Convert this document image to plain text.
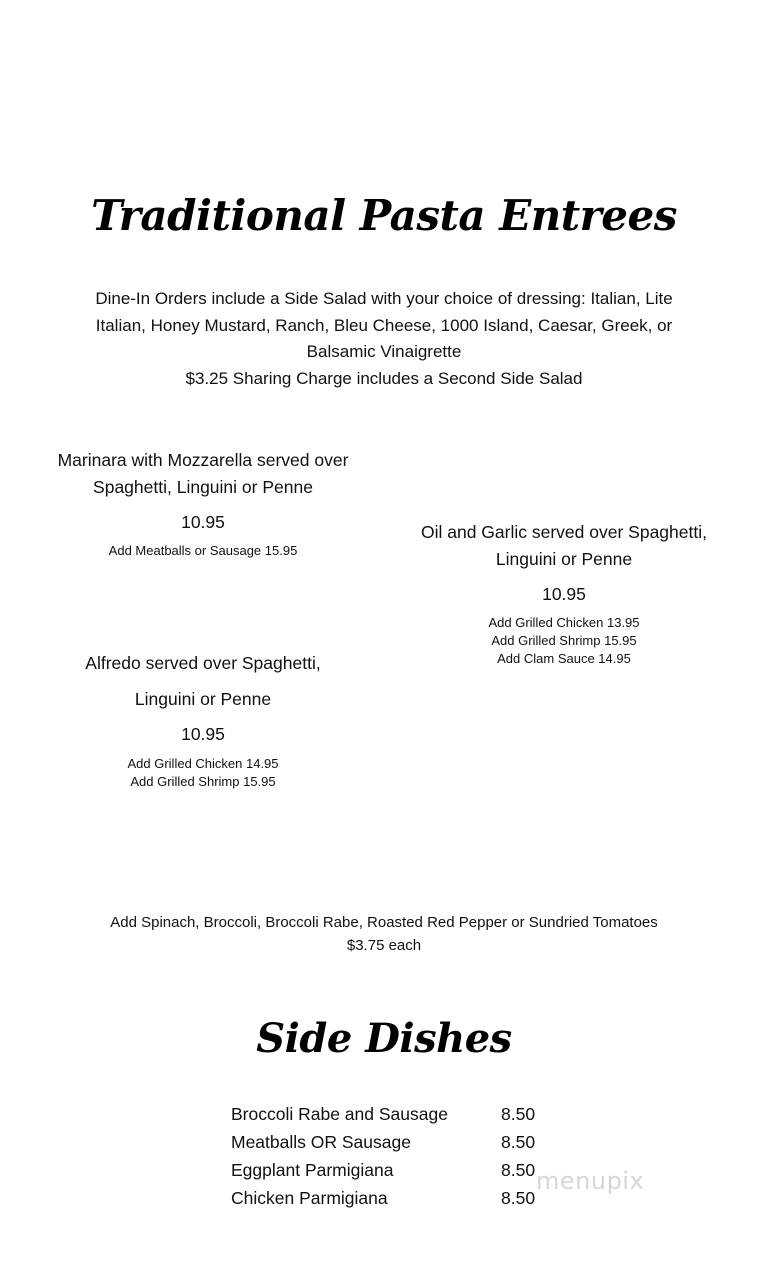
Traditional Pasta Entrees
Dine-In Orders include a Side Salad with your choice of dressing: Italian, Lite
Italian, Honey Mustard, Ranch, Bleu Cheese, 1000 Island, Caesar, Greek, or
Balsamic Vinaigrette
$3.25 Sharing Charge includes a Second Side Salad
Marinara with Mozzarella served over
Spaghetti, Linguini or Penne
10.95
Add Meatballs or Sausage 15.95
Oil and Garlic served over Spaghetti,
Linguini or Penne
10.95
Add Grilled Chicken 13.95
Add Grilled Shrimp 15.95
Add Clam Sauce 14.95
Alfredo served over Spaghetti,
Linguini or Penne
10.95
Add Grilled Chicken 14.95
Add Grilled Shrimp 15.95
Add Spinach, Broccoli, Broccoli Rabe, Roasted Red Pepper or Sundried Tomatoes
$3.75 each
Side Dishes
Broccoli Rabe and Sausage	8.50
Meatballs OR Sausage	8.50
Eggplant Parmigiana	8.50
Chicken Parmigiana	8.50
menupix
